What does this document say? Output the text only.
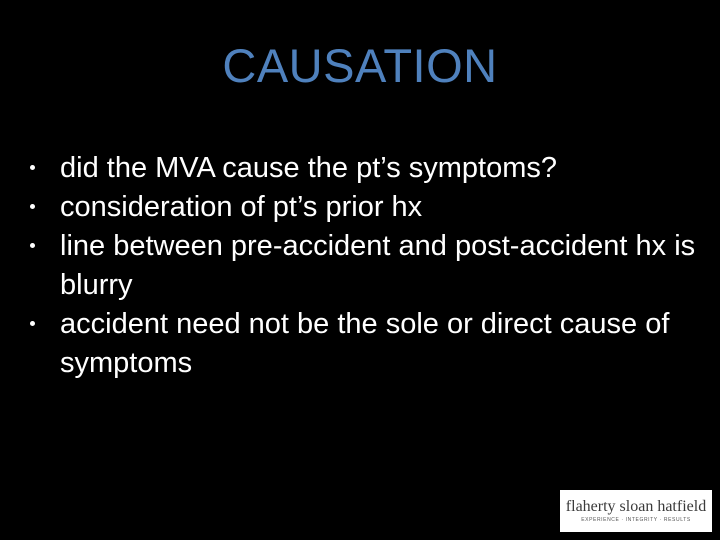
CAUSATION
did the MVA cause the pt’s symptoms?
consideration of pt’s prior hx
line between pre-accident and post-accident hx is blurry
accident need not be the sole or direct cause of symptoms
flaherty sloan hatfield
EXPERIENCE · INTEGRITY · RESULTS
